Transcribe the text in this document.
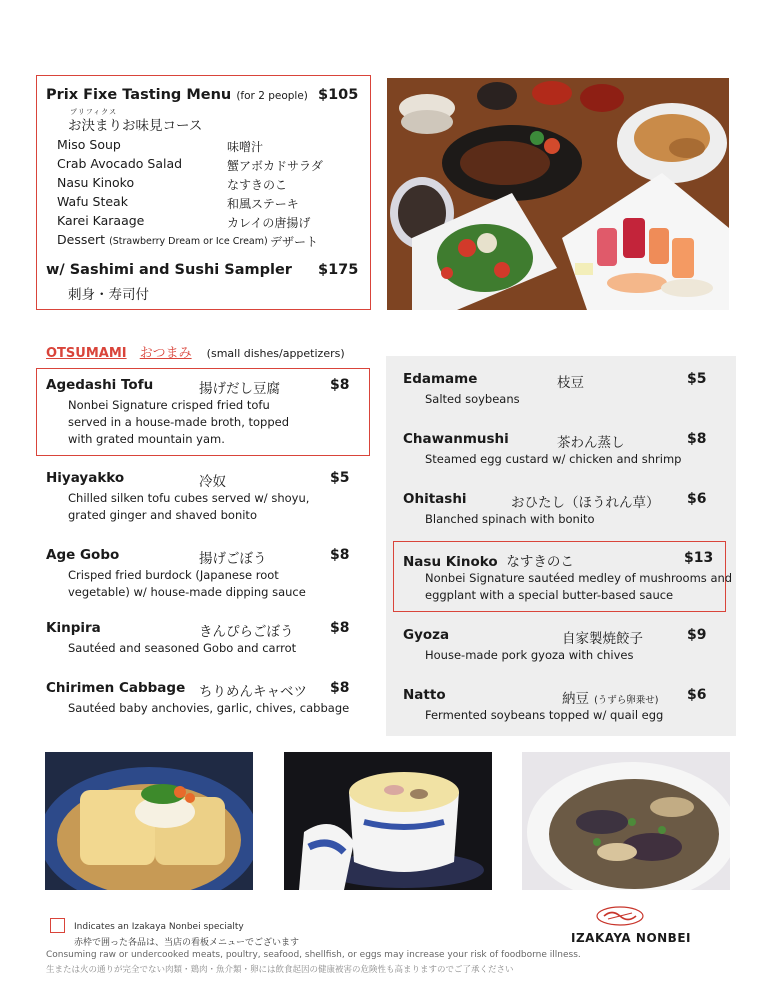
Prix Fixe Tasting Menu (for 2 people) $105
プリフィクス
お決まりお味見コース
Miso Soup	味噌汁
Crab Avocado Salad	蟹アボカドサラダ
Nasu Kinoko	なすきのこ
Wafu Steak	和風ステーキ
Karei Karaage	カレイの唐揚げ
Dessert (Strawberry Dream or Ice Cream) デザート
w/ Sashimi and Sushi Sampler $175
刺身・寿司付
OTSUMAMI おつまみ (small dishes/appetizers)
Agedashi Tofu	揚げだし豆腐	$8
Nonbei Signature crisped fried tofu
served in a house-made broth, topped
with grated mountain yam.
Hiyayakko	冷奴	$5
Chilled silken tofu cubes served w/ shoyu,
grated ginger and shaved bonito
Age Gobo	揚げごぼう	$8
Crisped fried burdock (Japanese root
vegetable) w/ house-made dipping sauce
Kinpira	きんぴらごぼう	$8
Sautéed and seasoned Gobo and carrot
Chirimen Cabbage ちりめんキャベツ $8
Sautéed baby anchovies, garlic, chives, cabbage
Edamame	枝豆	$5
Salted soybeans
Chawanmushi	茶わん蒸し	$8
Steamed egg custard w/ chicken and shrimp
Ohitashi	おひたし（ほうれん草） $6
Blanched spinach with bonito
Nasu Kinoko なすきのこ	$13
Nonbei Signature sautéed medley of mushrooms and
eggplant with a special butter-based sauce
Gyoza	自家製焼餃子	$9
House-made pork gyoza with chives
Natto	納豆 (うずら卵乗せ) $6
Fermented soybeans topped w/ quail egg
Indicates an Izakaya Nonbei specialty
赤枠で囲った各品は、当店の看板メニューでございます
Consuming raw or undercooked meats, poultry, seafood, shellfish, or eggs may increase your risk of foodborne illness.
生または火の通りが完全でない肉類・鶏肉・魚介類・卵には飲食起因の健康被害の危険性も高まりますのでご了承ください
IZAKAYA NONBEI
